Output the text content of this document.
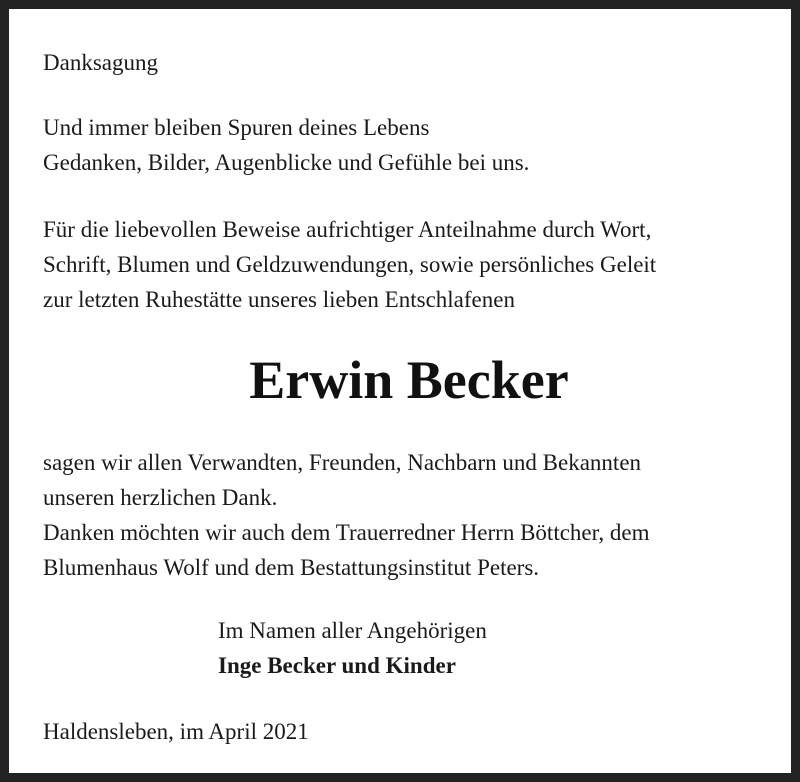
Danksagung

Und immer bleiben Spuren deines Lebens
Gedanken, Bilder, Augenblicke und Gefühle bei uns.

Für die liebevollen Beweise aufrichtiger Anteilnahme durch Wort,
Schrift, Blumen und Geldzuwendungen, sowie persönliches Geleit
zur letzten Ruhestätte unseres lieben Entschlafenen

Erwin Becker

sagen wir allen Verwandten, Freunden, Nachbarn und Bekannten
unseren herzlichen Dank.
Danken möchten wir auch dem Trauerredner Herrn Böttcher, dem
Blumenhaus Wolf und dem Bestattungsinstitut Peters.

Im Namen aller Angehörigen
Inge Becker und Kinder

Haldensleben, im April 2021
